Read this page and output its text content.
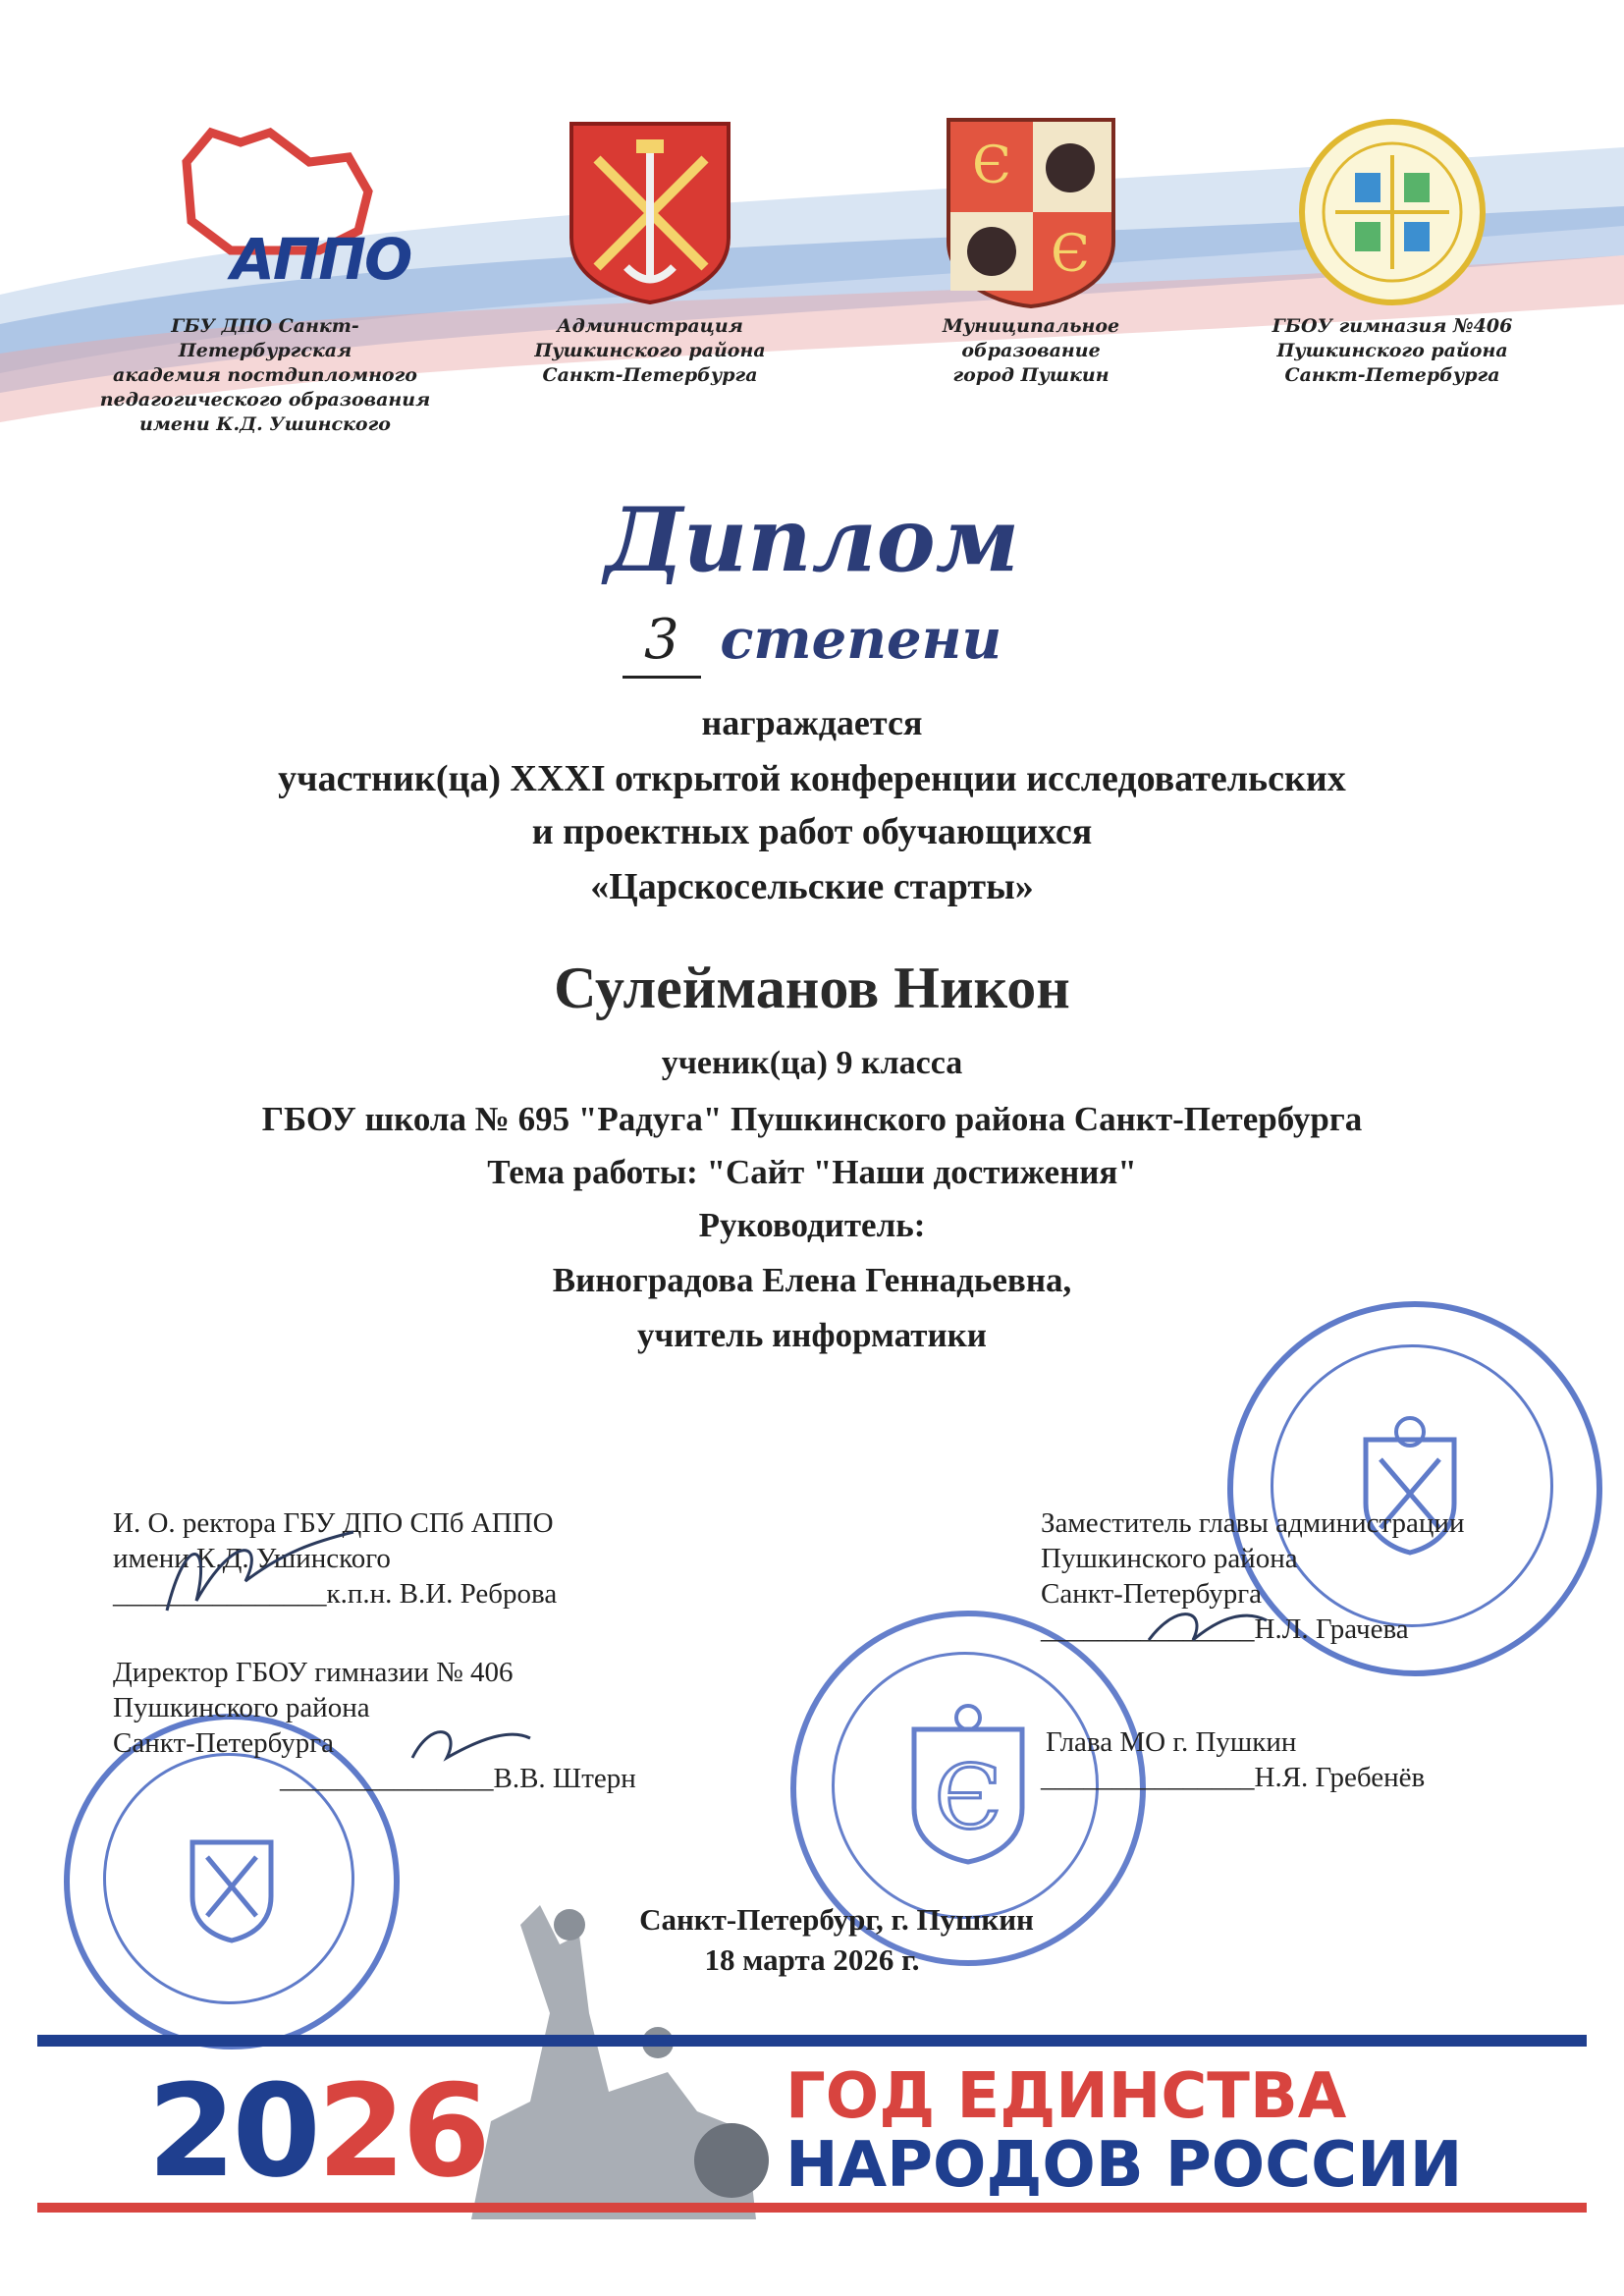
АППО
ГБУ ДПО Санкт-Петербургская
академия постдипломного
педагогического образования
имени К.Д. Ушинского
Администрация
Пушкинского района
Санкт-Петербурга
Є
Є
Муниципальное
образование
город Пушкин
ГБОУ гимназия №406
Пушкинского района
Санкт-Петербурга
Диплом
3 степени
награждается
участник(ца) XXXI открытой конференции исследовательских
и проектных работ обучающихся
«Царскосельские старты»
Сулейманов Никон
ученик(ца) 9 класса
ГБОУ школа № 695 "Радуга" Пушкинского района Санкт-Петербурга
Тема работы: "Сайт "Наши достижения"
Руководитель:
Виноградова Елена Геннадьевна,
учитель информатики
Є
И. О. ректора ГБУ ДПО СПб АППО
имени К.Д. Ушинского
_______________к.п.н. В.И. Реброва
Директор ГБОУ гимназии № 406
Пушкинского района
Санкт-Петербурга
_______________В.В. Штерн
Заместитель главы администрации
Пушкинского района
Санкт-Петербурга
_______________Н.Л. Грачева
Глава МО г. Пушкин
_______________Н.Я. Гребенёв
Санкт-Петербург, г. Пушкин
18 марта 2026 г.
2026	ГОД ЕДИНСТВА
НАРОДОВ РОССИИ
